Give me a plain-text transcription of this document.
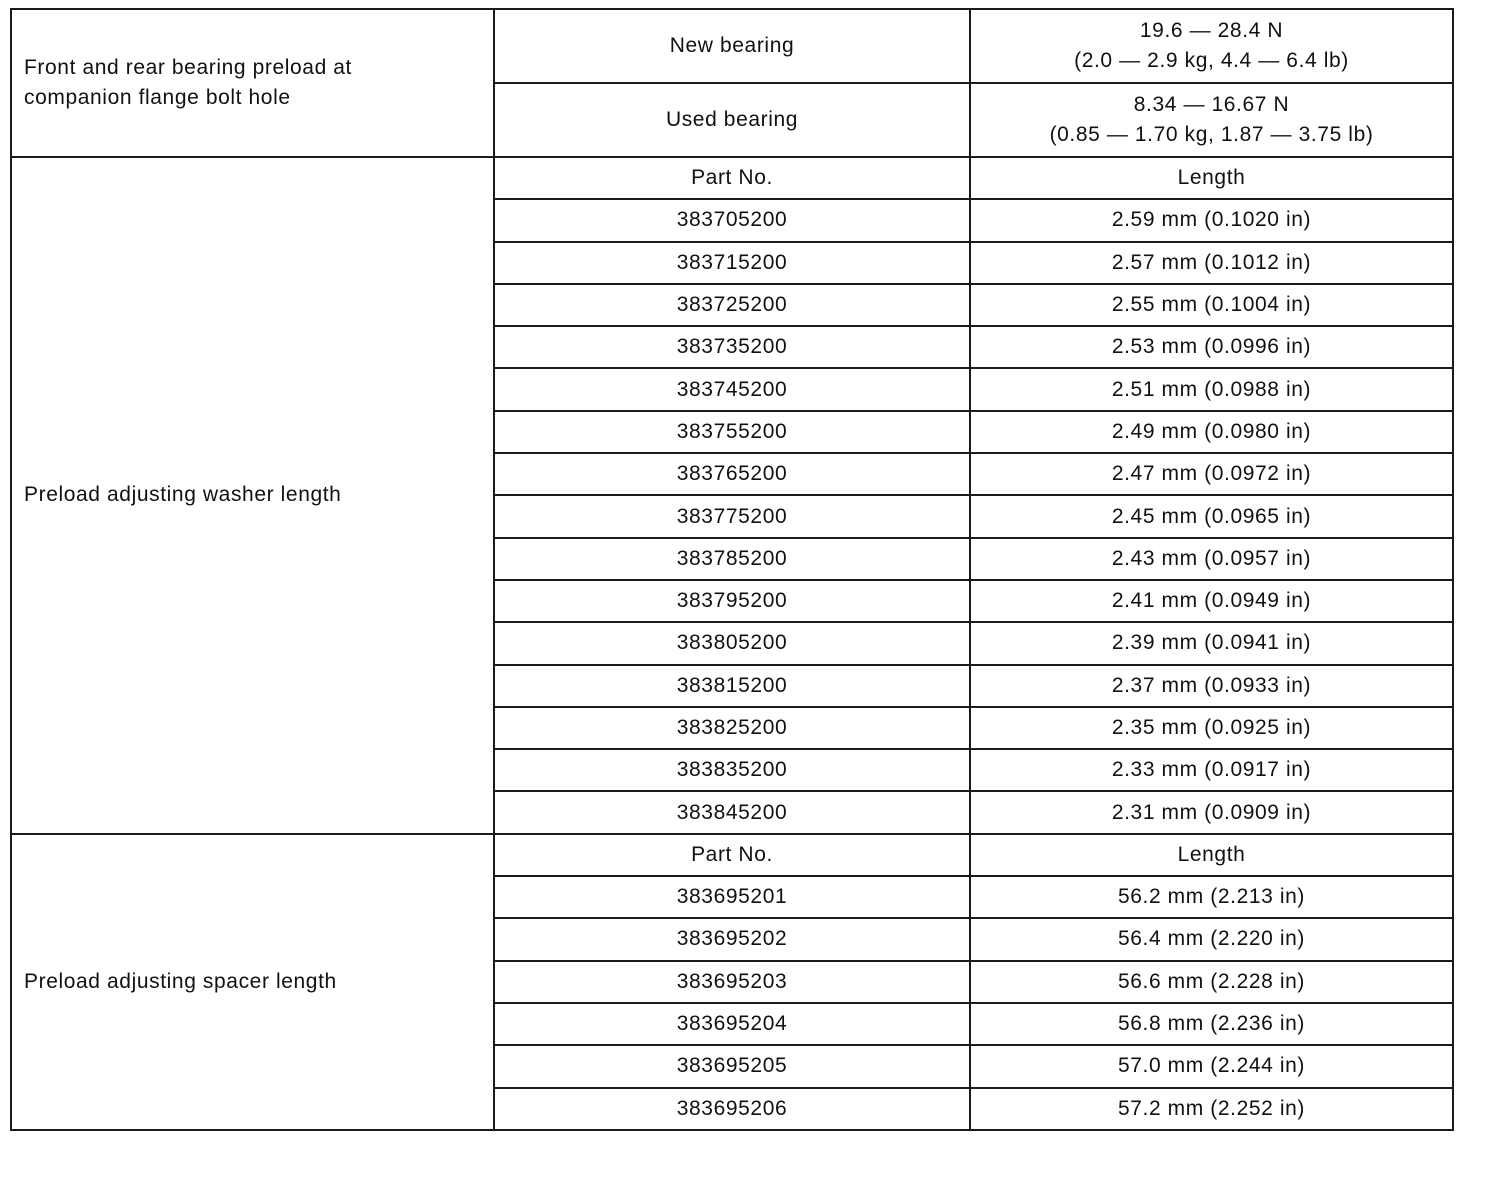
Front and rear bearing preload at
companion flange bolt hole	New bearing	19.6 — 28.4 N
(2.0 — 2.9 kg, 4.4 — 6.4 lb)

	Used bearing	8.34 — 16.67 N
(0.85 — 1.70 kg, 1.87 — 3.75 lb)

Preload adjusting washer length	Part No.	Length
	383705200	2.59 mm (0.1020 in)
	383715200	2.57 mm (0.1012 in)
	383725200	2.55 mm (0.1004 in)
	383735200	2.53 mm (0.0996 in)
	383745200	2.51 mm (0.0988 in)
	383755200	2.49 mm (0.0980 in)
	383765200	2.47 mm (0.0972 in)
	383775200	2.45 mm (0.0965 in)
	383785200	2.43 mm (0.0957 in)
	383795200	2.41 mm (0.0949 in)
	383805200	2.39 mm (0.0941 in)
	383815200	2.37 mm (0.0933 in)
	383825200	2.35 mm (0.0925 in)
	383835200	2.33 mm (0.0917 in)
	383845200	2.31 mm (0.0909 in)
Preload adjusting spacer length	Part No.	Length
	383695201	56.2 mm (2.213 in)
	383695202	56.4 mm (2.220 in)
	383695203	56.6 mm (2.228 in)
	383695204	56.8 mm (2.236 in)
	383695205	57.0 mm (2.244 in)
	383695206	57.2 mm (2.252 in)
